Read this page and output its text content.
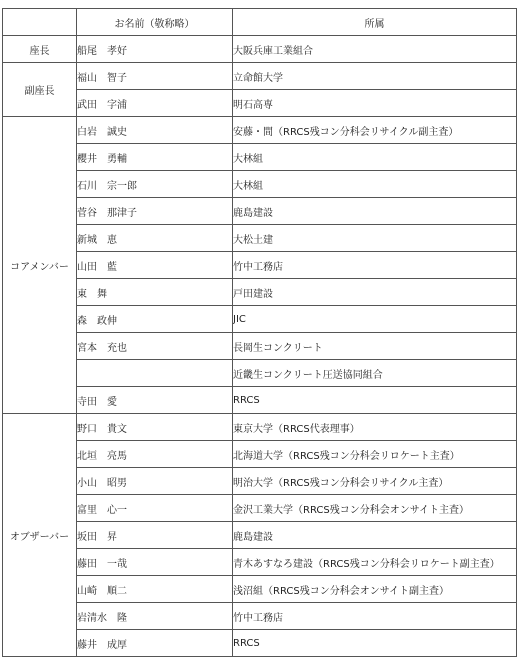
	お名前（敬称略）	所属
座長	船尾　孝好	大阪兵庫工業組合
副座長	福山　智子	立命館大学
	武田　字浦	明石高専
コアメンバー	白岩　誠史	安藤・間（RRCS残コン分科会リサイクル副主査）
	櫻井　勇輔	大林組
	石川　宗一郎	大林組
	菅谷　那津子	鹿島建設
	新城　恵	大松土建
	山田　藍	竹中工務店
	東　舞	戸田建設
	森　政伸	JIC
	宮本　充也	長岡生コンクリート
		近畿生コンクリート圧送協同組合
	寺田　愛	RRCS
オブザーバー	野口　貴文	東京大学（RRCS代表理事）
	北垣　亮馬	北海道大学（RRCS残コン分科会リロケート主査）
	小山　昭男	明治大学（RRCS残コン分科会リサイクル主査）
	富里　心一	金沢工業大学（RRCS残コン分科会オンサイト主査）
	坂田　昇	鹿島建設
	藤田　一哉	青木あすなろ建設（RRCS残コン分科会リロケート副主査）
	山崎　順二	浅沼組（RRCS残コン分科会オンサイト副主査）
	岩清水　隆	竹中工務店
	藤井　成厚	RRCS
